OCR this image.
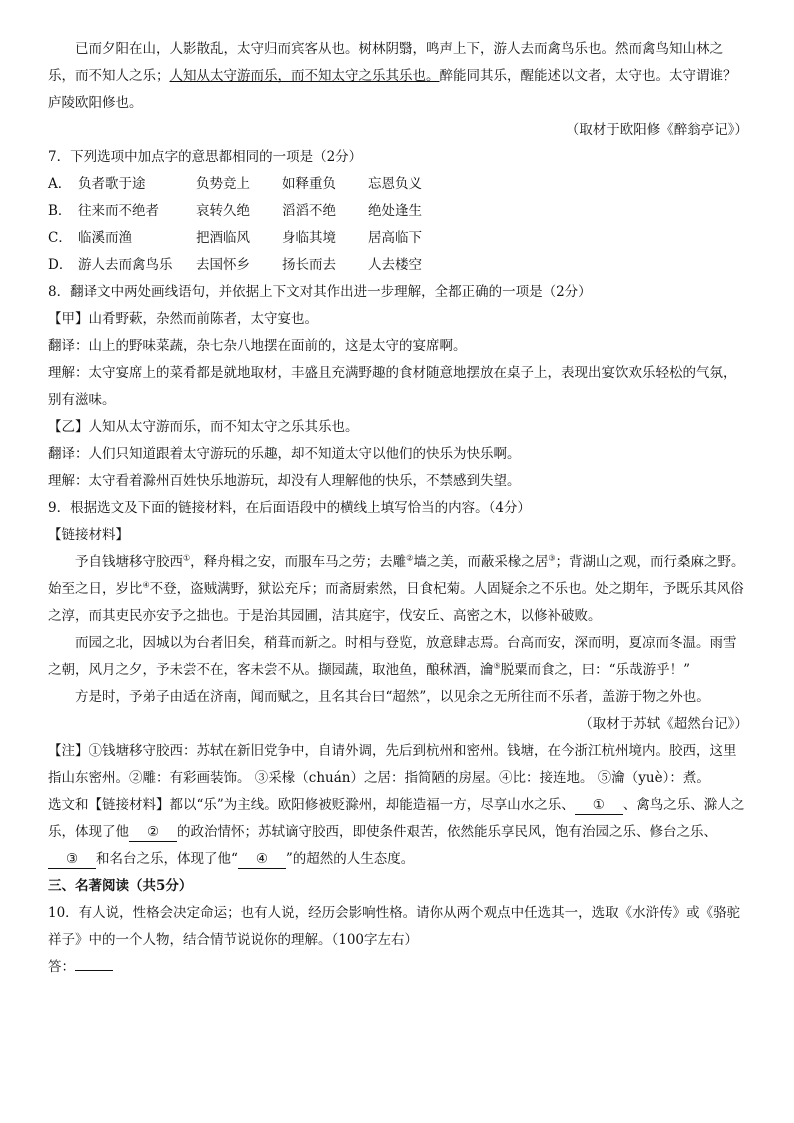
已而夕阳在山，人影散乱，太守归而宾客从也。树林阴翳，鸣声上下，游人去而禽鸟乐也。然而禽鸟知山林之乐，而不知人之乐；人知从太守游而乐，而不知太守之乐其乐也。醉能同其乐，醒能述以文者，太守也。太守谓谁？庐陵欧阳修也。

（取材于欧阳修《醉翁亭记》）

7．下列选项中加点字的意思都相同的一项是（2分）

A． 负者歌于途	负势竞上	如释重负	忘恩负义
B． 往来而不绝者	哀转久绝	滔滔不绝	绝处逢生
C． 临溪而渔	把酒临风	身临其境	居高临下
D． 游人去而禽鸟乐	去国怀乡	扬长而去	人去楼空

8．翻译文中两处画线语句，并依据上下文对其作出进一步理解，全都正确的一项是（2分）

【甲】山肴野蔌，杂然而前陈者，太守宴也。

翻译：山上的野味菜蔬，杂七杂八地摆在面前的，这是太守的宴席啊。

理解：太守宴席上的菜肴都是就地取材，丰盛且充满野趣的食材随意地摆放在桌子上，表现出宴饮欢乐轻松的气氛，别有滋味。

【乙】人知从太守游而乐，而不知太守之乐其乐也。

翻译：人们只知道跟着太守游玩的乐趣，却不知道太守以他们的快乐为快乐啊。

理解：太守看着滁州百姓快乐地游玩，却没有人理解他的快乐，不禁感到失望。

9．根据选文及下面的链接材料，在后面语段中的横线上填写恰当的内容。（4分）

【链接材料】

予自钱塘移守胶西①，释舟楫之安，而服车马之劳；去雕②墙之美，而蔽采椽之居③；背湖山之观，而行桑麻之野。始至之日，岁比④不登，盗贼满野，狱讼充斥；而斋厨索然，日食杞菊。人固疑余之不乐也。处之期年，予既乐其风俗之淳，而其吏民亦安予之拙也。于是治其园圃，洁其庭宇，伐安丘、高密之木，以修补破败。

而园之北，因城以为台者旧矣，稍葺而新之。时相与登览，放意肆志焉。台高而安，深而明，夏凉而冬温。雨雪之朝，风月之夕，予未尝不在，客未尝不从。撷园蔬，取池鱼，酿秫酒，瀹⑤脱粟而食之，曰：“乐哉游乎！”

方是时，予弟子由适在济南，闻而赋之，且名其台曰“超然”，以见余之无所往而不乐者，盖游于物之外也。

（取材于苏轼《超然台记》）

【注】①钱塘移守胶西：苏轼在新旧党争中，自请外调，先后到杭州和密州。钱塘，在今浙江杭州境内。胶西，这里指山东密州。②雕：有彩画装饰。 ③采椽（chuán）之居：指简陋的房屋。④比：接连地。 ⑤瀹（yuè）：煮。

选文和【链接材料】都以“乐”为主线。欧阳修被贬滁州，却能造福一方，尽享山水之乐、 ① 、禽鸟之乐、滁人之乐，体现了他 ② 的政治情怀；苏轼谪守胶西，即使条件艰苦，依然能乐享民风，饱有治园之乐、修台之乐、③ 和名台之乐，体现了他“ ④ ”的超然的人生态度。

三、名著阅读（共5分）

10．有人说，性格会决定命运；也有人说，经历会影响性格。请你从两个观点中任选其一，选取《水浒传》或《骆驼祥子》中的一个人物，结合情节说说你的理解。（100字左右）

答：
